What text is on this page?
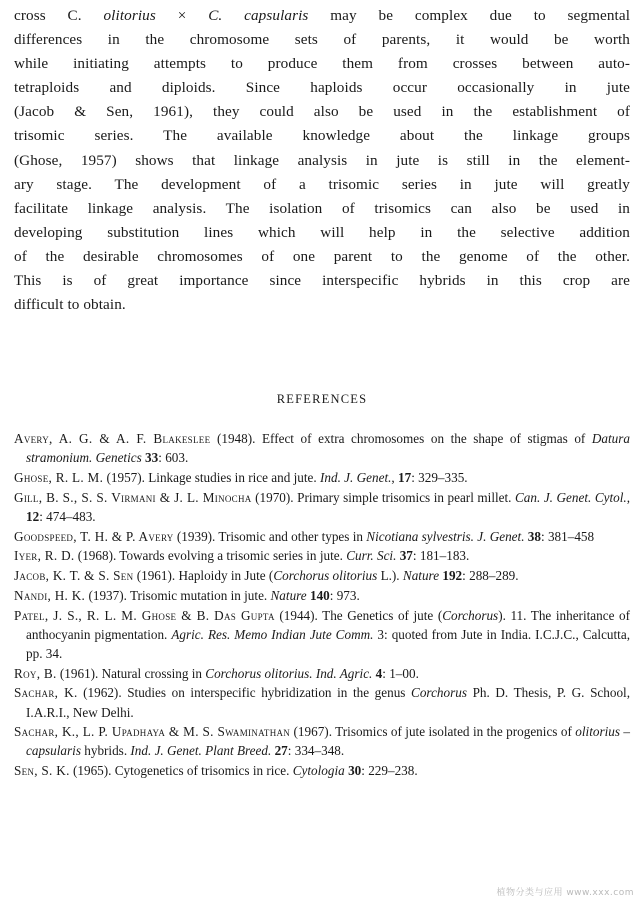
cross C. olitorius × C. capsularis may be complex due to segmental
differences in the chromosome sets of parents, it would be worth
while initiating attempts to produce them from crosses between auto-
tetraploids and diploids. Since haploids occur occasionally in jute
(Jacob & Sen, 1961), they could also be used in the establishment of
trisomic series. The available knowledge about the linkage groups
(Ghose, 1957) shows that linkage analysis in jute is still in the element-
ary stage. The development of a trisomic series in jute will greatly
facilitate linkage analysis. The isolation of trisomics can also be used in
developing substitution lines which will help in the selective addition
of the desirable chromosomes of one parent to the genome of the other.
This is of great importance since interspecific hybrids in this crop are
difficult to obtain.
REFERENCES
Avery, A. G. & A. F. Blakeslee (1948). Effect of extra chromosomes on the shape of stigmas of Datura stramonium. Genetics 33: 603.
Ghose, R. L. M. (1957). Linkage studies in rice and jute. Ind. J. Genet., 17: 329–335.
Gill, B. S., S. S. Virmani & J. L. Minocha (1970). Primary simple trisomics in pearl millet. Can. J. Genet. Cytol., 12: 474–483.
Goodspeed, T. H. & P. Avery (1939). Trisomic and other types in Nicotiana sylvestris. J. Genet. 38: 381–458
Iyer, R. D. (1968). Towards evolving a trisomic series in jute. Curr. Sci. 37: 181–183.
Jacob, K. T. & S. Sen (1961). Haploidy in Jute (Corchorus olitorius L.). Nature 192: 288–289.
Nandi, H. K. (1937). Trisomic mutation in jute. Nature 140: 973.
Patel, J. S., R. L. M. Ghose & B. Das Gupta (1944). The Genetics of jute (Corchorus). 11. The inheritance of anthocyanin pigmentation. Agric. Res. Memo Indian Jute Comm. 3: quoted from Jute in India. I.C.J.C., Calcutta, pp. 34.
Roy, B. (1961). Natural crossing in Corchorus olitorius. Ind. Agric. 4: 1–00.
Sachar, K. (1962). Studies on interspecific hybridization in the genus Corchorus Ph. D. Thesis, P. G. School, I.A.R.I., New Delhi.
Sachar, K., L. P. Upadhaya & M. S. Swaminathan (1967). Trisomics of jute isolated in the progenics of olitorius – capsularis hybrids. Ind. J. Genet. Plant Breed. 27: 334–348.
Sen, S. K. (1965). Cytogenetics of trisomics in rice. Cytologia 30: 229–238.
植物分类与应用 www.xxx.com
